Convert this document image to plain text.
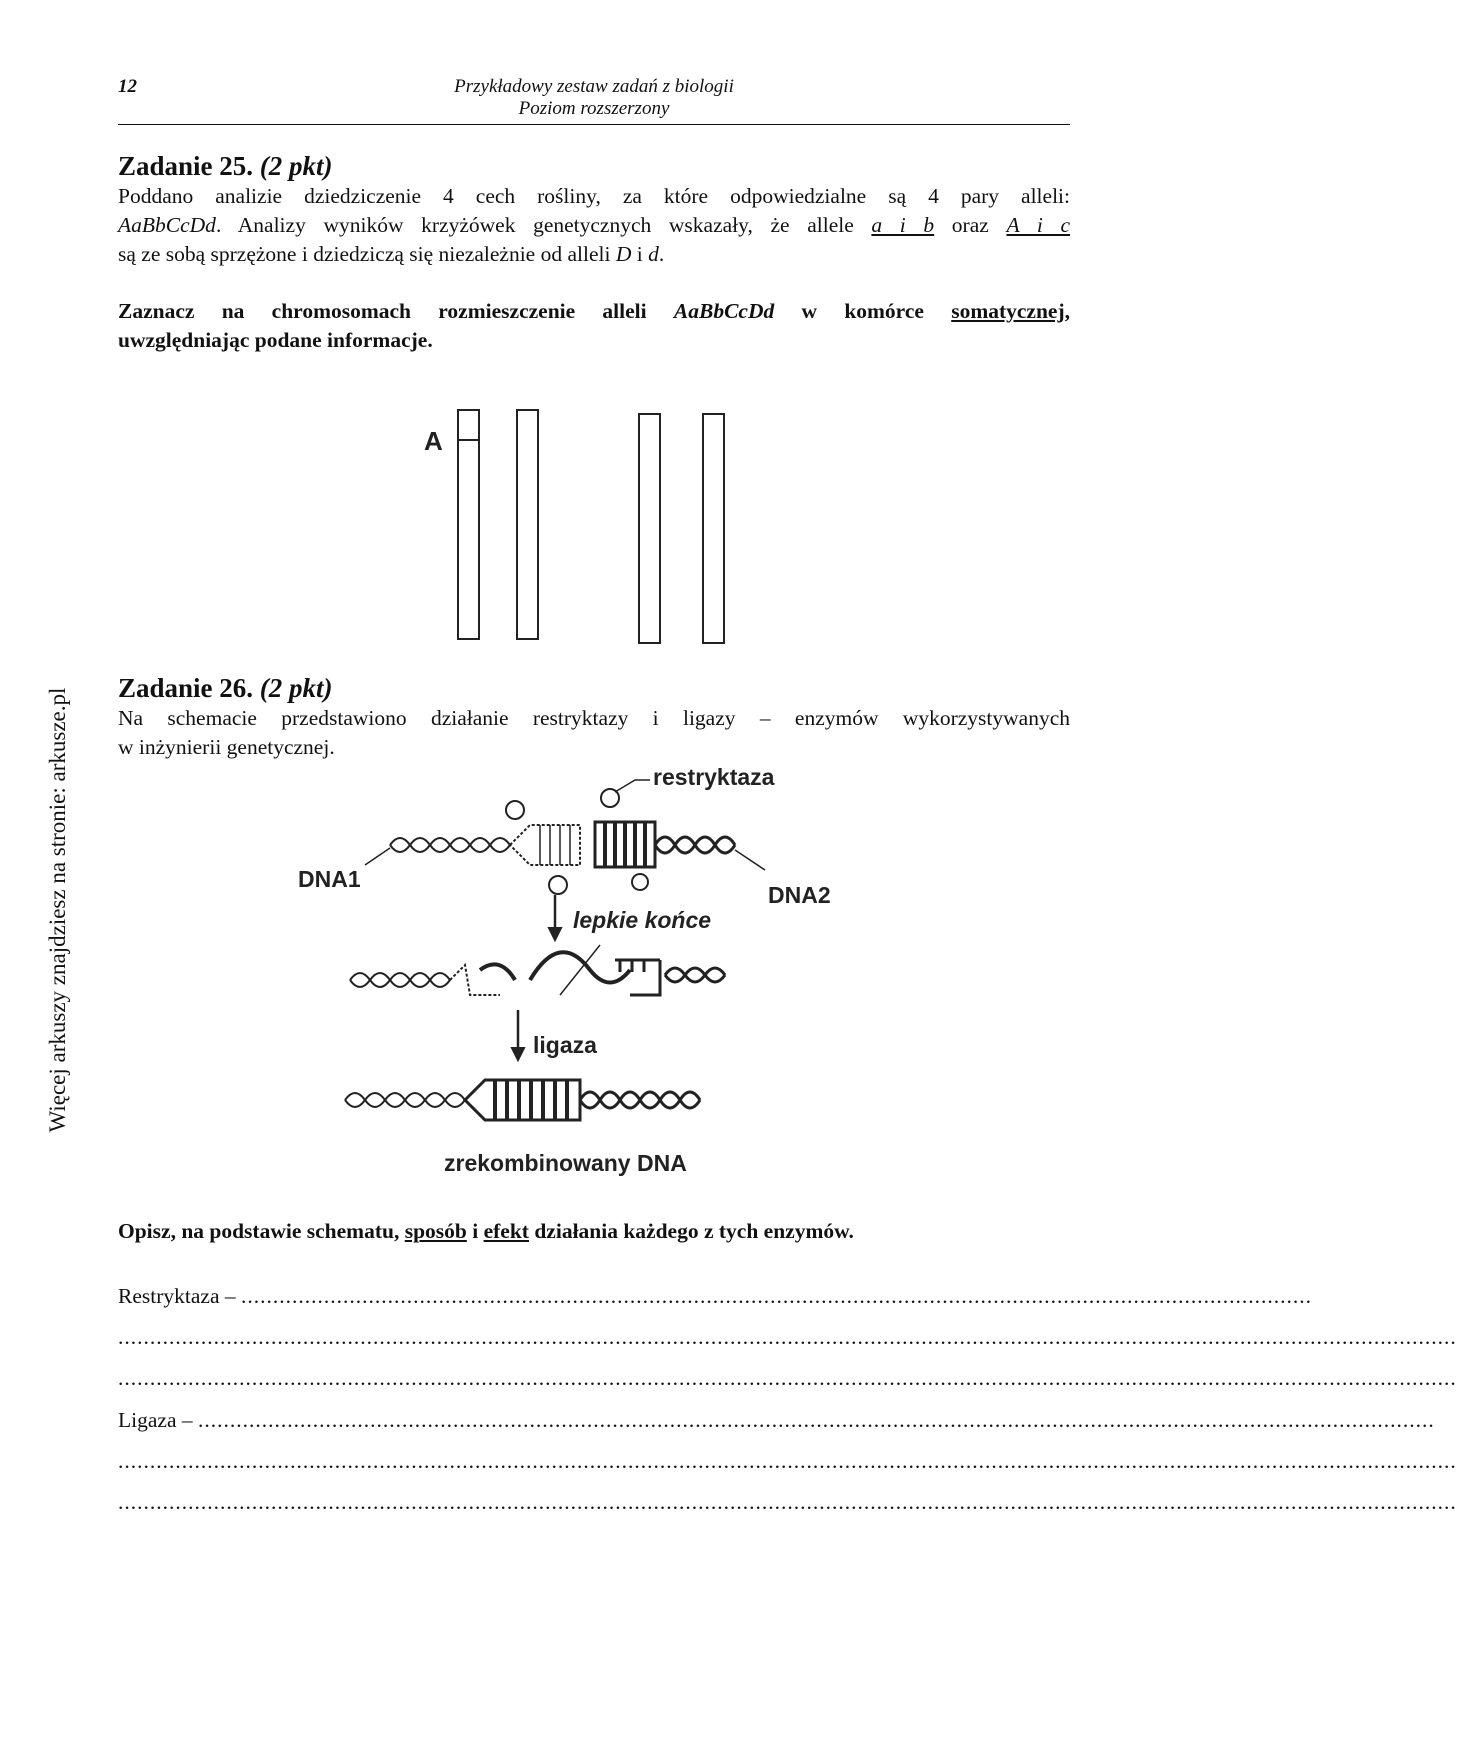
12	Przykładowy zestaw zadań z biologii
Poziom rozszerzony
Więcej arkuszy znajdziesz na stronie: arkusze.pl
Zadanie 25. (2 pkt)
Poddano analizie dziedziczenie 4 cech rośliny, za które odpowiedzialne są 4 pary alleli:
AaBbCcDd. Analizy wyników krzyżówek genetycznych wskazały, że allele a i b oraz A i c
są ze sobą sprzężone i dziedziczą się niezależnie od alleli D i d.
Zaznacz na chromosomach rozmieszczenie alleli AaBbCcDd w komórce somatycznej,
uwzględniając podane informacje.
A
Zadanie 26. (2 pkt)
Na schemacie przedstawiono działanie restryktazy i ligazy – enzymów wykorzystywanych
w inżynierii genetycznej.
restryktaza
DNA1
DNA2
lepkie końce
ligaza
zrekombinowany DNA
Opisz, na podstawie schematu, sposób i efekt działania każdego z tych enzymów.
Restryktaza – ........................................................................................................................................................................
..................................................................................................................................................................................................................
..................................................................................................................................................................................................................
Ligaza – ..................................................................................................................................................................................................
..................................................................................................................................................................................................................
..................................................................................................................................................................................................................
